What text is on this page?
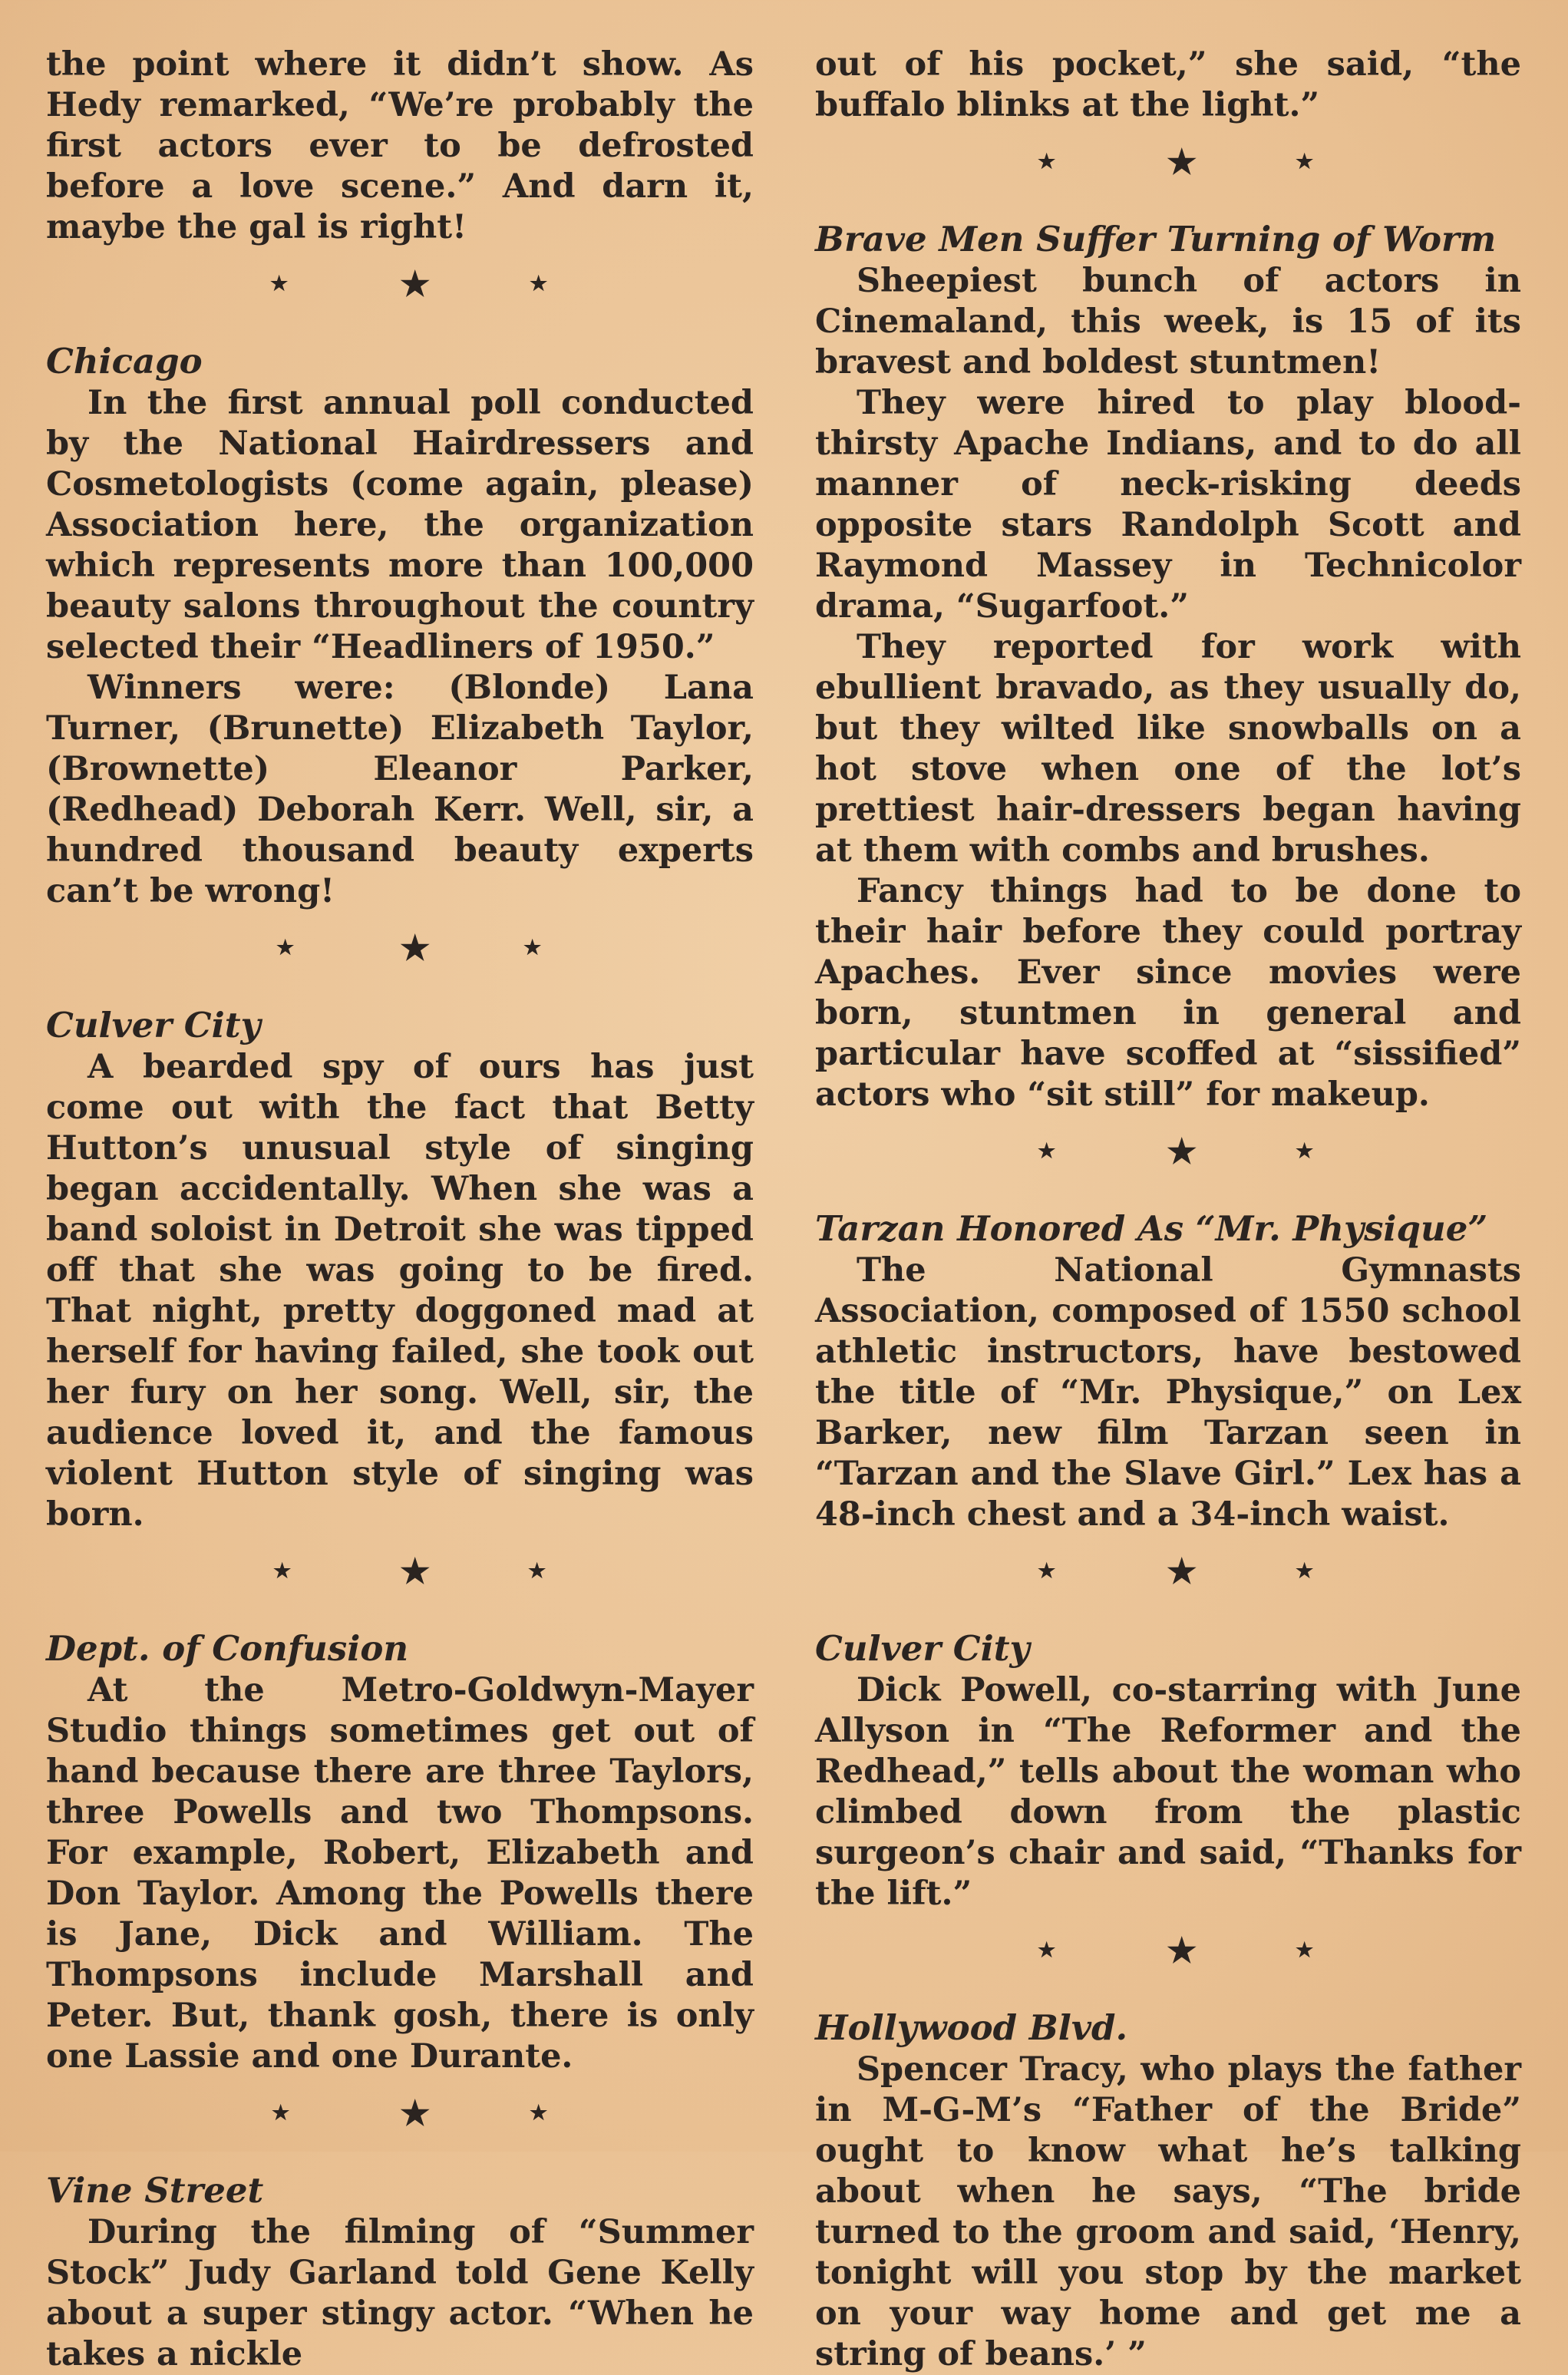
the point where it didn’t show. As Hedy remarked, “We’re probably the first actors ever to be defrosted before a love scene.” And darn it, maybe the gal is right!

★	★	★
Chicago

In the first annual poll conducted by the National Hairdressers and Cosmetologists (come again, please) Association here, the organization which represents more than 100,000 beauty salons throughout the country selected their “Headliners of 1950.”

Winners were: (Blonde) Lana Turner, (Brunette) Elizabeth Taylor, (Brownette) Eleanor Parker, (Redhead) Deborah Kerr. Well, sir, a hundred thousand beauty experts can’t be wrong!

★	★	★
Culver City

A bearded spy of ours has just come out with the fact that Betty Hutton’s unusual style of singing began accidentally. When she was a band soloist in Detroit she was tipped off that she was going to be fired. That night, pretty doggoned mad at herself for having failed, she took out her fury on her song. Well, sir, the audience loved it, and the famous violent Hutton style of singing was born.

★	★	★
Dept. of Confusion

At the Metro-Goldwyn-Mayer Studio things sometimes get out of hand because there are three Taylors, three Powells and two Thompsons. For example, Robert, Elizabeth and Don Taylor. Among the Powells there is Jane, Dick and William. The Thompsons include Marshall and Peter. But, thank gosh, there is only one Lassie and one Durante.

★	★	★
Vine Street

During the filming of “Summer Stock” Judy Garland told Gene Kelly about a super stingy actor. “When he takes a nickle

out of his pocket,” she said, “the buffalo blinks at the light.”

★	★	★
Brave Men Suffer Turning of Worm

Sheepiest bunch of actors in Cinemaland, this week, is 15 of its bravest and boldest stuntmen!

They were hired to play blood-thirsty Apache Indians, and to do all manner of neck-risking deeds opposite stars Randolph Scott and Raymond Massey in Technicolor drama, “Sugarfoot.”

They reported for work with ebullient bravado, as they usually do, but they wilted like snowballs on a hot stove when one of the lot’s prettiest hair-dressers began having at them with combs and brushes.

Fancy things had to be done to their hair before they could portray Apaches. Ever since movies were born, stuntmen in general and particular have scoffed at “sissified” actors who “sit still” for makeup.

★	★	★
Tarzan Honored As “Mr. Physique”

The National Gymnasts Association, composed of 1550 school athletic instructors, have bestowed the title of “Mr. Physique,” on Lex Barker, new film Tarzan seen in “Tarzan and the Slave Girl.” Lex has a 48-inch chest and a 34-inch waist.

★	★	★
Culver City

Dick Powell, co-starring with June Allyson in “The Reformer and the Redhead,” tells about the woman who climbed down from the plastic surgeon’s chair and said, “Thanks for the lift.”

★	★	★
Hollywood Blvd.

Spencer Tracy, who plays the father in M-G-M’s “Father of the Bride” ought to know what he’s talking about when he says, “The bride turned to the groom and said, ‘Henry, tonight will you stop by the market on your way home and get me a string of beans.’ ”
